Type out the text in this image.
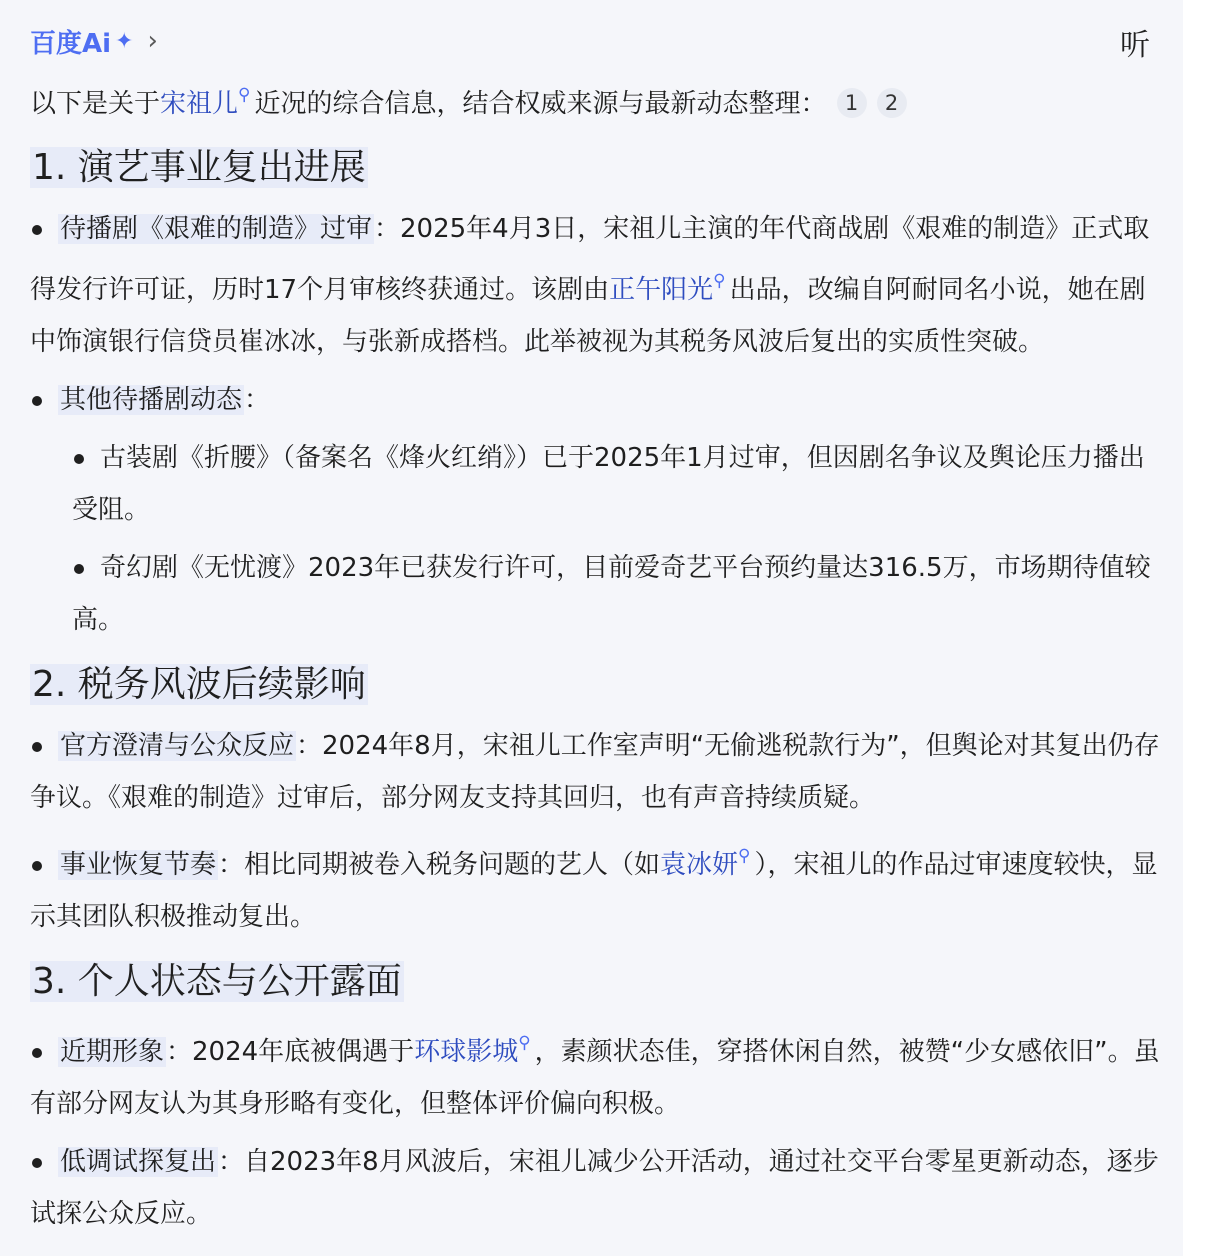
百度Ai ✦ ›	听

以下是关于宋祖儿⚲ 近况的综合信息，结合权威来源与最新动态整理： 1 2

1. 演艺事业复出进展

待播剧《艰难的制造》过审：2025年4月3日，宋祖儿主演的年代商战剧《艰难的制造》正式取得发行许可证，历时17个月审核终获通过。该剧由正午阳光⚲ 出品，改编自阿耐同名小说，她在剧中饰演银行信贷员崔冰冰，与张新成搭档。此举被视为其税务风波后复出的实质性突破。

其他待播剧动态：

古装剧《折腰》（备案名《烽火红绡》）已于2025年1月过审，但因剧名争议及舆论压力播出受阻。

奇幻剧《无忧渡》2023年已获发行许可，目前爱奇艺平台预约量达316.5万，市场期待值较高。

2. 税务风波后续影响

官方澄清与公众反应：2024年8月，宋祖儿工作室声明“无偷逃税款行为”，但舆论对其复出仍存争议。《艰难的制造》过审后，部分网友支持其回归，也有声音持续质疑。

事业恢复节奏：相比同期被卷入税务问题的艺人（如袁冰妍⚲ ），宋祖儿的作品过审速度较快，显示其团队积极推动复出。

3. 个人状态与公开露面

近期形象：2024年底被偶遇于环球影城⚲ ，素颜状态佳，穿搭休闲自然，被赞“少女感依旧”。虽有部分网友认为其身形略有变化，但整体评价偏向积极。

低调试探复出：自2023年8月风波后，宋祖儿减少公开活动，通过社交平台零星更新动态，逐步试探公众反应。
